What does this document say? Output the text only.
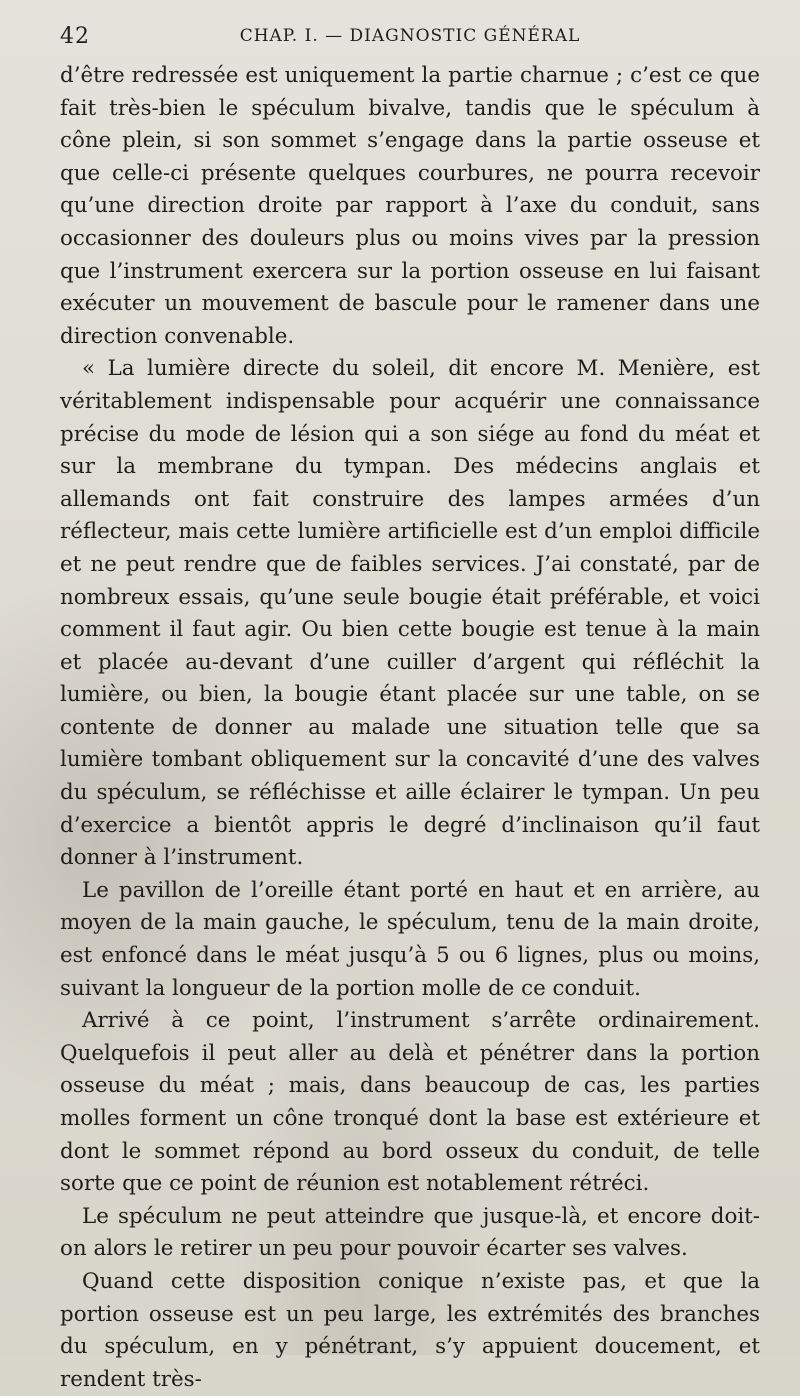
42	CHAP. I. — DIAGNOSTIC GÉNÉRAL

d’être redressée est uniquement la partie charnue ; c’est ce que fait très-bien le spéculum bivalve, tandis que le spéculum à cône plein, si son sommet s’engage dans la partie osseuse et que celle-ci présente quelques courbures, ne pourra recevoir qu’une direction droite par rapport à l’axe du conduit, sans occasionner des douleurs plus ou moins vives par la pression que l’instrument exercera sur la portion osseuse en lui faisant exécuter un mouvement de bascule pour le ramener dans une direction convenable.

« La lumière directe du soleil, dit encore M. Menière, est véritablement indispensable pour acquérir une connaissance précise du mode de lésion qui a son siége au fond du méat et sur la membrane du tympan. Des médecins anglais et allemands ont fait construire des lampes armées d’un réflecteur, mais cette lumière artificielle est d’un emploi difficile et ne peut rendre que de faibles services. J’ai constaté, par de nombreux essais, qu’une seule bougie était préférable, et voici comment il faut agir. Ou bien cette bougie est tenue à la main et placée au-devant d’une cuiller d’argent qui réfléchit la lumière, ou bien, la bougie étant placée sur une table, on se contente de donner au malade une situation telle que sa lumière tombant obliquement sur la concavité d’une des valves du spéculum, se réfléchisse et aille éclairer le tympan. Un peu d’exercice a bientôt appris le degré d’inclinaison qu’il faut donner à l’instrument.

Le pavillon de l’oreille étant porté en haut et en arrière, au moyen de la main gauche, le spéculum, tenu de la main droite, est enfoncé dans le méat jusqu’à 5 ou 6 lignes, plus ou moins, suivant la longueur de la portion molle de ce conduit.

Arrivé à ce point, l’instrument s’arrête ordinairement. Quelquefois il peut aller au delà et pénétrer dans la portion osseuse du méat ; mais, dans beaucoup de cas, les parties molles forment un cône tronqué dont la base est extérieure et dont le sommet répond au bord osseux du conduit, de telle sorte que ce point de réunion est notablement rétréci.

Le spéculum ne peut atteindre que jusque-là, et encore doit-on alors le retirer un peu pour pouvoir écarter ses valves.

Quand cette disposition conique n’existe pas, et que la portion osseuse est un peu large, les extrémités des branches du spéculum, en y pénétrant, s’y appuient doucement, et rendent très-
